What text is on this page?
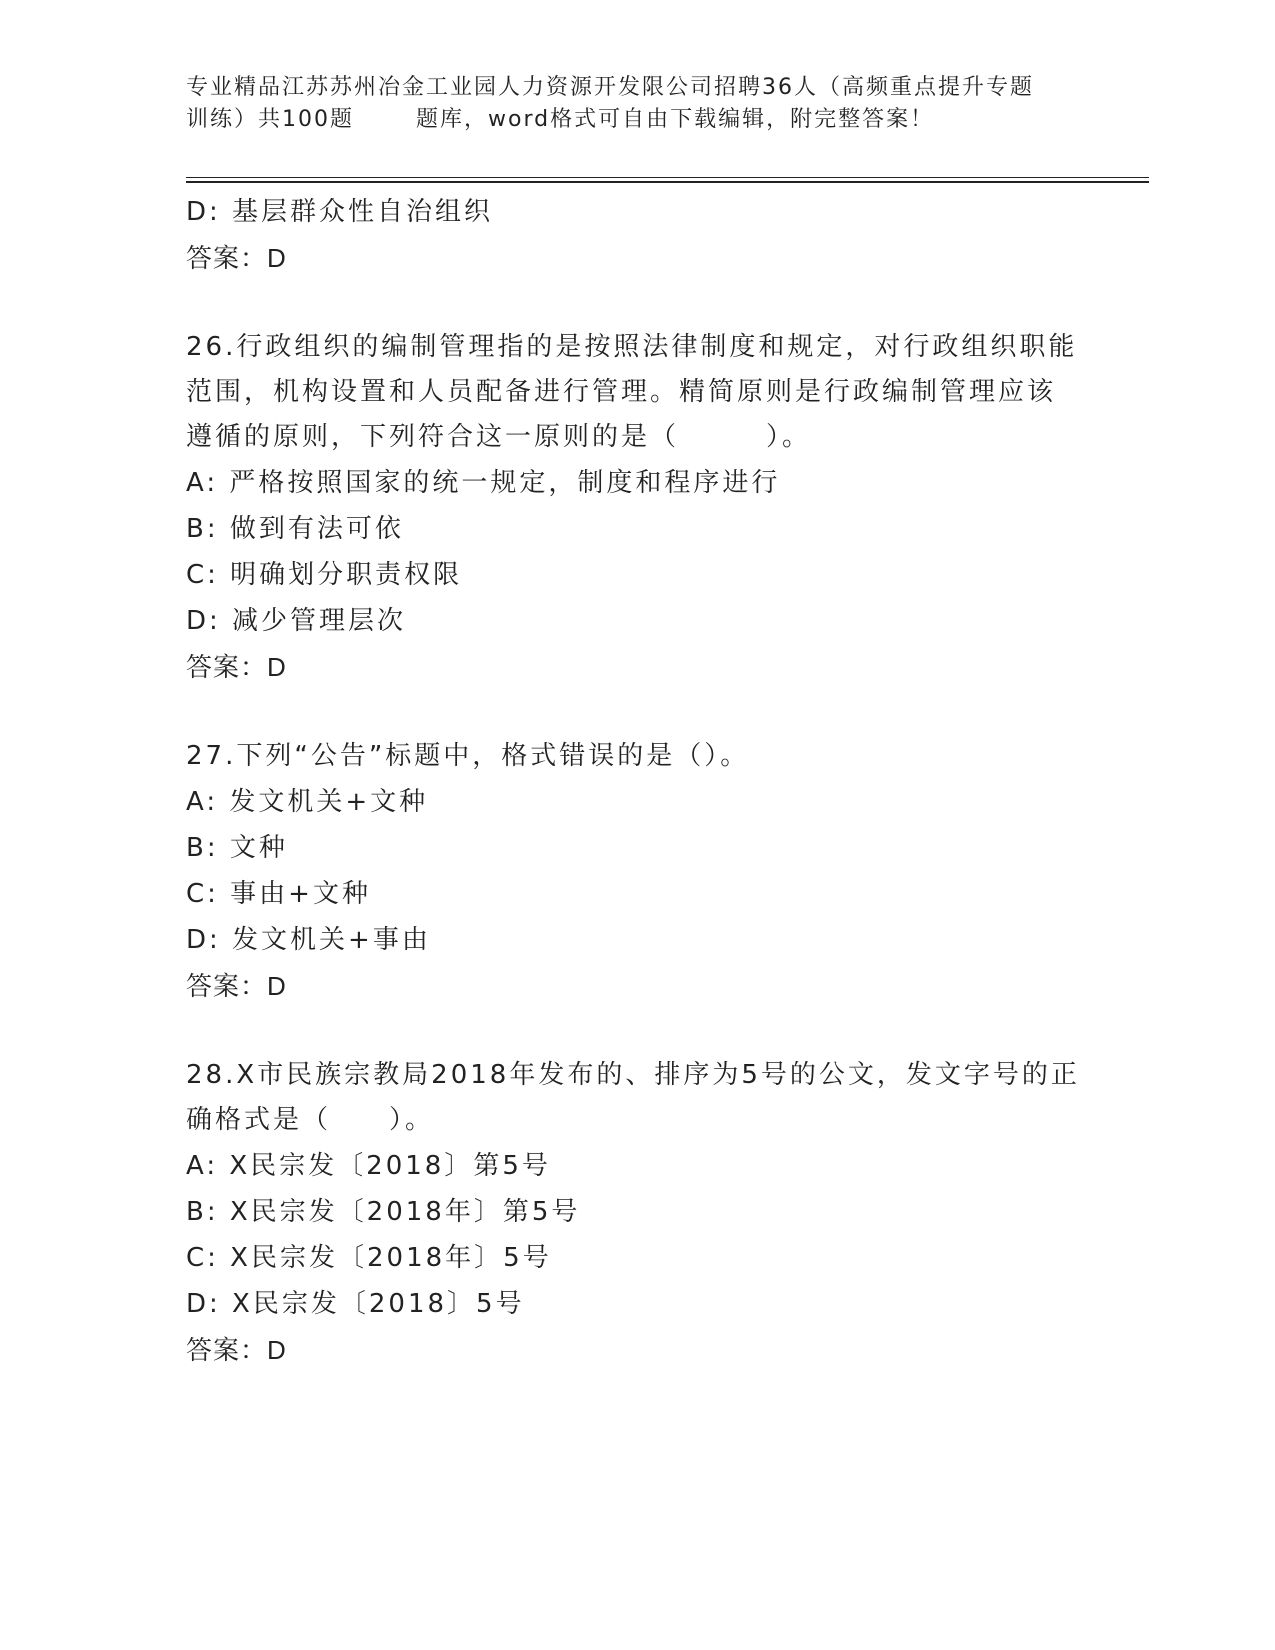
专业精品江苏苏州冶金工业园人力资源开发限公司招聘36人（高频重点提升专题
训练）共100题	题库，word格式可自由下载编辑，附完整答案！
D: 基层群众性自治组织
答案：D
26.行政组织的编制管理指的是按照法律制度和规定，对行政组织职能
范围，机构设置和人员配备进行管理。精简原则是行政编制管理应该
遵循的原则，下列符合这一原则的是（　　　）。
A: 严格按照国家的统一规定，制度和程序进行
B: 做到有法可依
C: 明确划分职责权限
D: 减少管理层次
答案：D
27.下列“公告”标题中，格式错误的是（）。
A: 发文机关+文种
B: 文种
C: 事由+文种
D: 发文机关+事由
答案：D
28.X市民族宗教局2018年发布的、排序为5号的公文，发文字号的正
确格式是（　　）。
A: X民宗发〔2018〕第5号
B: X民宗发〔2018年〕第5号
C: X民宗发〔2018年〕5号
D: X民宗发〔2018〕5号
答案：D
